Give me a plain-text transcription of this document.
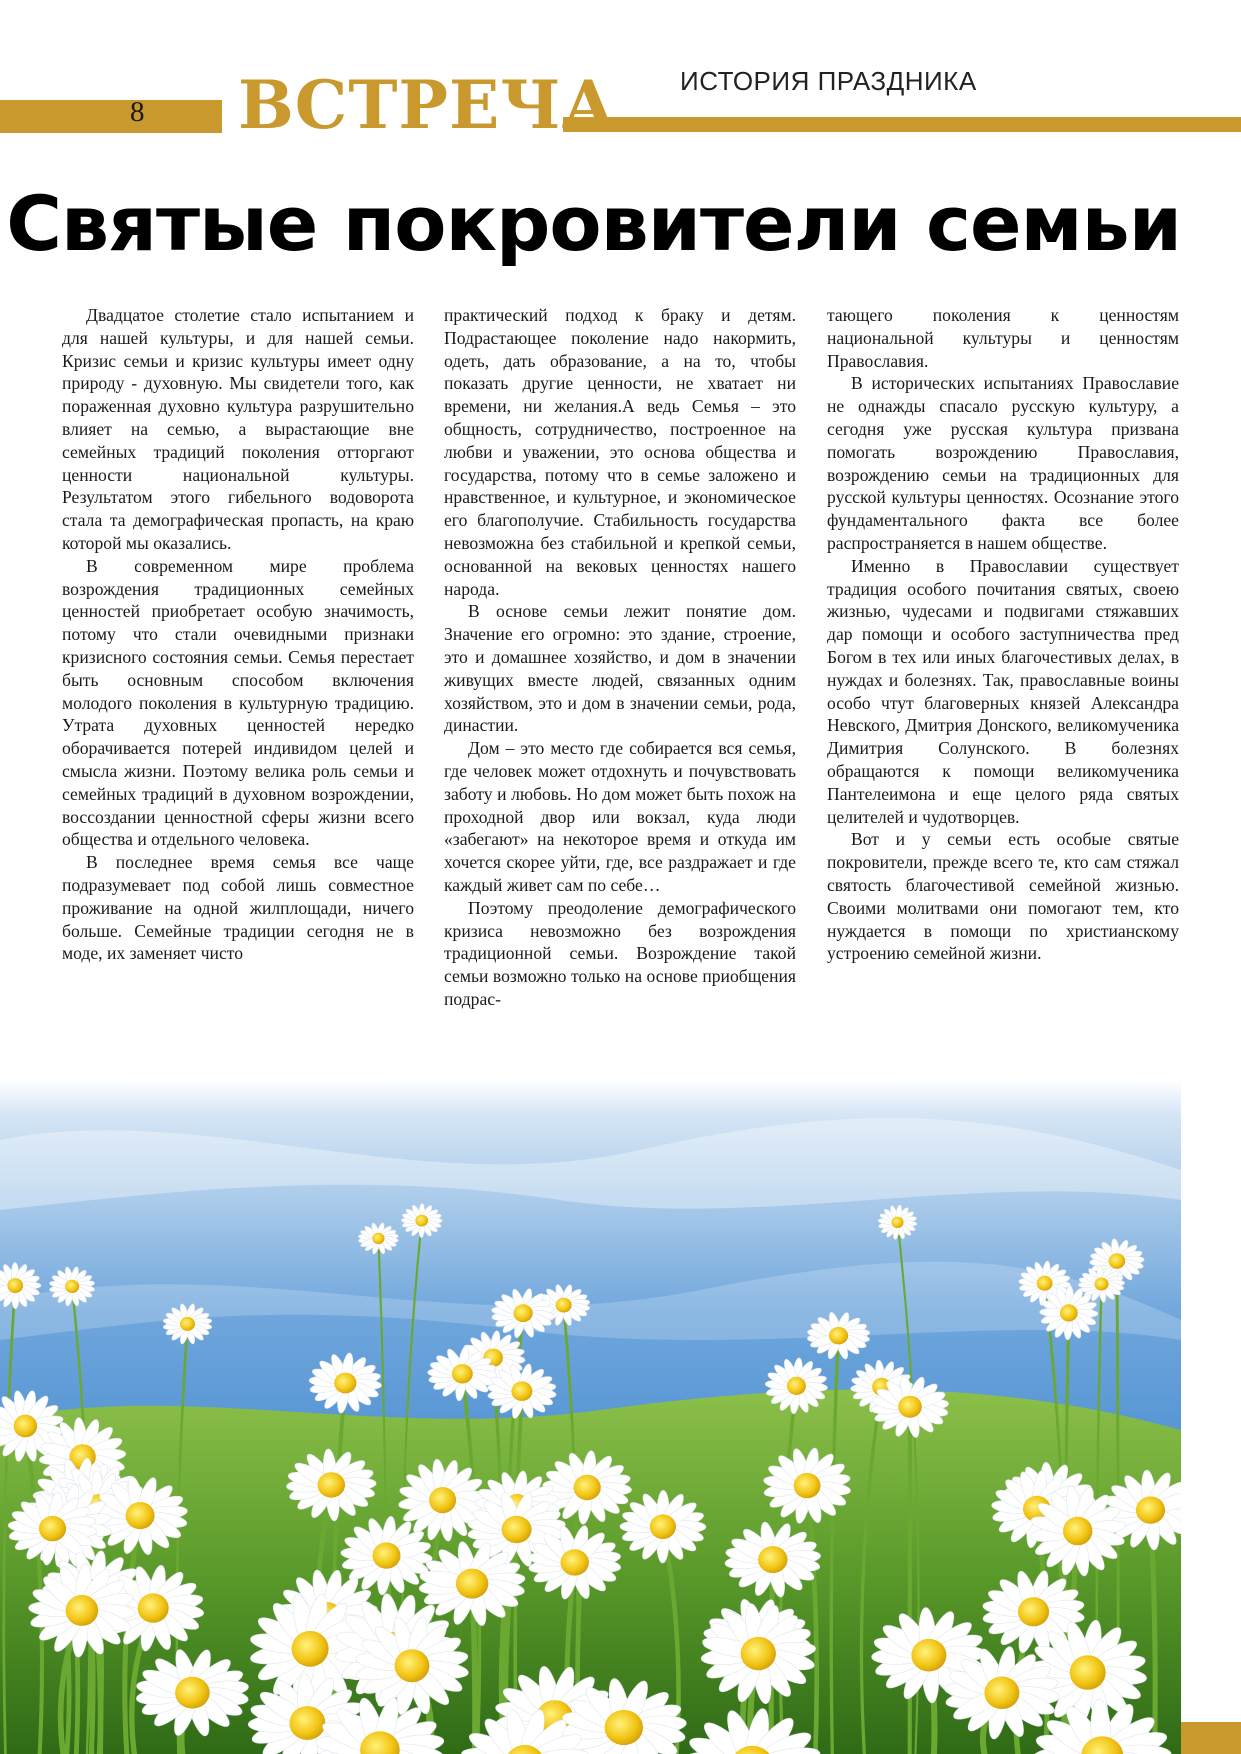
8 ВСТРЕЧА ИСТОРИЯ ПРАЗДНИКА
Святые покровители семьи

Двадцатое столетие стало испытанием и для нашей культуры, и для нашей семьи. Кризис семьи и кризис культуры имеет одну природу - духовную. Мы свидетели того, как пораженная духовно культура разрушительно влияет на семью, а вырастающие вне семейных традиций поколения отторгают ценности национальной культуры. Результатом этого гибельного водоворота стала та демографическая пропасть, на краю которой мы оказались.

В современном мире проблема возрождения традиционных семейных ценностей приобретает особую значимость, потому что стали очевидными признаки кризисного состояния семьи. Семья перестает быть основным способом включения молодого поколения в культурную традицию. Утрата духовных ценностей нередко оборачивается потерей индивидом целей и смысла жизни. Поэтому велика роль семьи и семейных традиций в духовном возрождении, воссоздании ценностной сферы жизни всего общества и отдельного человека.

В последнее время семья все чаще подразумевает под собой лишь совместное проживание на одной жилплощади, ничего больше. Семейные традиции сегодня не в моде, их заменяет чисто

практический подход к браку и детям. Подрастающее поколение надо накормить, одеть, дать образование, а на то, чтобы показать другие ценности, не хватает ни времени, ни желания.А ведь Семья – это общность, сотрудничество, построенное на любви и уважении, это основа общества и государства, потому что в семье заложено и нравственное, и культурное, и экономическое его благополучие. Стабильность государства невозможна без стабильной и крепкой семьи, основанной на вековых ценностях нашего народа.

В основе семьи лежит понятие дом. Значение его огромно: это здание, строение, это и домашнее хозяйство, и дом в значении живущих вместе людей, связанных одним хозяйством, это и дом в значении семьи, рода, династии.

Дом – это место где собирается вся семья, где человек может отдохнуть и почувствовать заботу и любовь. Но дом может быть похож на проходной двор или вокзал, куда люди «забегают» на некоторое время и откуда им хочется скорее уйти, где, все раздражает и где каждый живет сам по себе…

Поэтому преодоление демографического кризиса невозможно без возрождения традиционной семьи. Возрождение такой семьи возможно только на основе приобщения подрас-

тающего поколения к ценностям национальной культуры и ценностям Православия.

В исторических испытаниях Православие не однажды спасало русскую культуру, а сегодня уже русская культура призвана помогать возрождению Православия, возрождению семьи на традиционных для русской культуры ценностях. Осознание этого фундаментального факта все более распространяется в нашем обществе.

Именно в Православии существует традиция особого почитания святых, своею жизнью, чудесами и подвигами стяжавших дар помощи и особого заступничества пред Богом в тех или иных благочестивых делах, в нуждах и болезнях. Так, православные воины особо чтут благоверных князей Александра Невского, Дмитрия Донского, великомученика Димитрия Солунского. В болезнях обращаются к помощи великомученика Пантелеимона и еще целого ряда святых целителей и чудотворцев.

Вот и у семьи есть особые святые покровители, прежде всего те, кто сам стяжал святость благочестивой семейной жизнью. Своими молитвами они помогают тем, кто нуждается в помощи по христианскому устроению семейной жизни.
